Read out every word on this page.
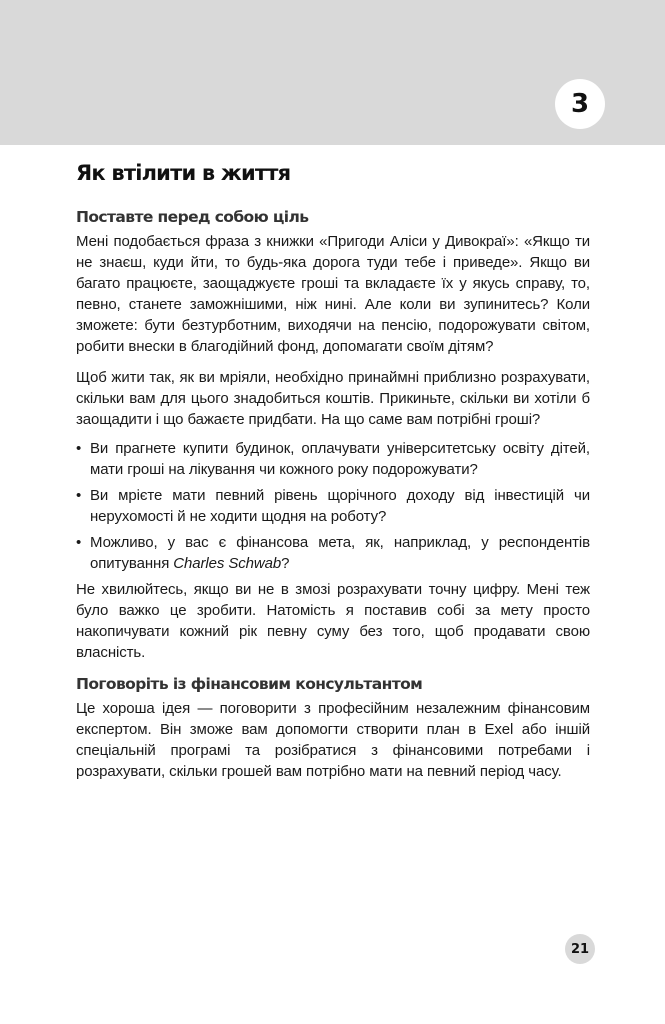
3
Як втілити в життя
Поставте перед собою ціль

Мені подобається фраза з книжки «Пригоди Аліси у Дивокраї»: «Якщо ти не знаєш, куди йти, то будь-яка дорога туди тебе і приведе». Якщо ви багато працюєте, заощаджуєте гроші та вкладаєте їх у якусь справу, то, певно, станете заможнішими, ніж нині. Але коли ви зупинитесь? Коли зможете: бути безтурботним, виходячи на пенсію, подорожувати світом, робити внески в благодійний фонд, допомагати своїм дітям?

Щоб жити так, як ви мріяли, необхідно принаймні приблизно розрахувати, скільки вам для цього знадобиться коштів. Прикиньте, скільки ви хотіли б заощадити і що бажаєте придбати. На що саме вам потрібні гроші?

• Ви прагнете купити будинок, оплачувати університетську освіту дітей, мати гроші на лікування чи кожного року подорожувати?
• Ви мрієте мати певний рівень щорічного доходу від інвестицій чи нерухомості й не ходити щодня на роботу?
• Можливо, у вас є фінансова мета, як, наприклад, у респондентів опитування Charles Schwab?

Не хвилюйтесь, якщо ви не в змозі розрахувати точну цифру. Мені теж було важко це зробити. Натомість я поставив собі за мету просто накопичувати кожний рік певну суму без того, щоб продавати свою власність.

Поговоріть із фінансовим консультантом

Це хороша ідея — поговорити з професійним незалежним фінансовим експертом. Він зможе вам допомогти створити план в Exel або іншій спеціальній програмі та розібратися з фінансовими потребами і розрахувати, скільки грошей вам потрібно мати на певний період часу.

21
